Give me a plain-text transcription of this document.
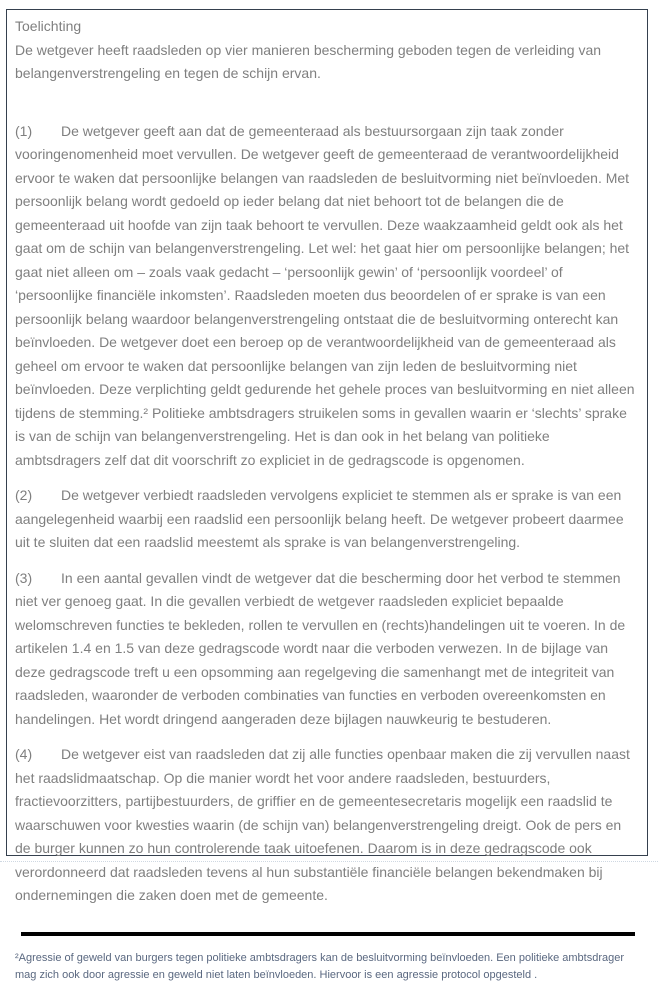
Toelichting

De wetgever heeft raadsleden op vier manieren bescherming geboden tegen de verleiding van belangenverstrengeling en tegen de schijn ervan.

(1) De wetgever geeft aan dat de gemeenteraad als bestuursorgaan zijn taak zonder vooringenomenheid moet vervullen. De wetgever geeft de gemeenteraad de verantwoordelijkheid ervoor te waken dat persoonlijke belangen van raadsleden de besluitvorming niet beïnvloeden. Met persoonlijk belang wordt gedoeld op ieder belang dat niet behoort tot de belangen die de gemeenteraad uit hoofde van zijn taak behoort te vervullen. Deze waakzaamheid geldt ook als het gaat om de schijn van belangenverstrengeling. Let wel: het gaat hier om persoonlijke belangen; het gaat niet alleen om – zoals vaak gedacht – ‘persoonlijk gewin’ of ‘persoonlijk voordeel’ of ‘persoonlijke financiële inkomsten’. Raadsleden moeten dus beoordelen of er sprake is van een persoonlijk belang waardoor belangenverstrengeling ontstaat die de besluitvorming onterecht kan beïnvloeden. De wetgever doet een beroep op de verantwoordelijkheid van de gemeenteraad als geheel om ervoor te waken dat persoonlijke belangen van zijn leden de besluitvorming niet beïnvloeden. Deze verplichting geldt gedurende het gehele proces van besluitvorming en niet alleen tijdens de stemming.² Politieke ambtsdragers struikelen soms in gevallen waarin er ‘slechts’ sprake is van de schijn van belangenverstrengeling. Het is dan ook in het belang van politieke ambtsdragers zelf dat dit voorschrift zo expliciet in de gedragscode is opgenomen.

(2) De wetgever verbiedt raadsleden vervolgens expliciet te stemmen als er sprake is van een aangelegenheid waarbij een raadslid een persoonlijk belang heeft. De wetgever probeert daarmee uit te sluiten dat een raadslid meestemt als sprake is van belangenverstrengeling.

(3) In een aantal gevallen vindt de wetgever dat die bescherming door het verbod te stemmen niet ver genoeg gaat. In die gevallen verbiedt de wetgever raadsleden expliciet bepaalde welomschreven functies te bekleden, rollen te vervullen en (rechts)handelingen uit te voeren. In de artikelen 1.4 en 1.5 van deze gedragscode wordt naar die verboden verwezen. In de bijlage van deze gedragscode treft u een opsomming aan regelgeving die samenhangt met de integriteit van raadsleden, waaronder de verboden combinaties van functies en verboden overeenkomsten en handelingen. Het wordt dringend aangeraden deze bijlagen nauwkeurig te bestuderen.

(4) De wetgever eist van raadsleden dat zij alle functies openbaar maken die zij vervullen naast het raadslidmaatschap. Op die manier wordt het voor andere raadsleden, bestuurders, fractievoorzitters, partijbestuurders, de griffier en de gemeentesecretaris mogelijk een raadslid te waarschuwen voor kwesties waarin (de schijn van) belangenverstrengeling dreigt. Ook de pers en de burger kunnen zo hun controlerende taak uitoefenen. Daarom is in deze gedragscode ook verordonneerd dat raadsleden tevens al hun substantiële financiële belangen bekendmaken bij ondernemingen die zaken doen met de gemeente.

²Agressie of geweld van burgers tegen politieke ambtsdragers kan de besluitvorming beïnvloeden. Een politieke ambtsdrager mag zich ook door agressie en geweld niet laten beïnvloeden. Hiervoor is een agressie protocol opgesteld .
